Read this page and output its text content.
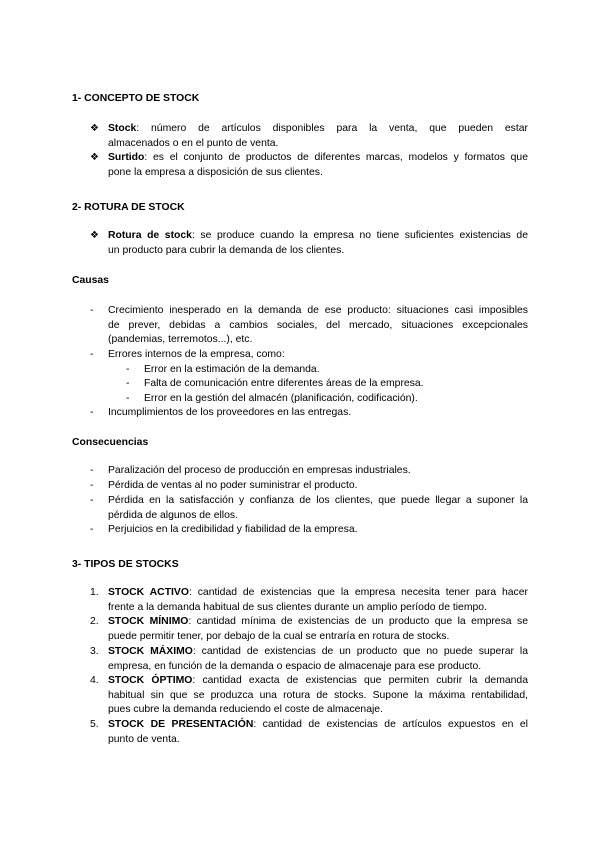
1- CONCEPTO DE STOCK
❖ Stock: número de artículos disponibles para la venta, que pueden estar
almacenados o en el punto de venta.
❖ Surtido: es el conjunto de productos de diferentes marcas, modelos y formatos que
pone la empresa a disposición de sus clientes.
2- ROTURA DE STOCK
❖ Rotura de stock: se produce cuando la empresa no tiene suficientes existencias de
un producto para cubrir la demanda de los clientes.
Causas
- Crecimiento inesperado en la demanda de ese producto: situaciones casi imposibles
de prever, debidas a cambios sociales, del mercado, situaciones excepcionales
(pandemias, terremotos...), etc.
- Errores internos de la empresa, como:
- Error en la estimación de la demanda.
- Falta de comunicación entre diferentes áreas de la empresa.
- Error en la gestión del almacén (planificación, codificación).
- Incumplimientos de los proveedores en las entregas.
Consecuencias
- Paralización del proceso de producción en empresas industriales.
- Pérdida de ventas al no poder suministrar el producto.
- Pérdida en la satisfacción y confianza de los clientes, que puede llegar a suponer la
pérdida de algunos de ellos.
- Perjuicios en la credibilidad y fiabilidad de la empresa.
3- TIPOS DE STOCKS
1. STOCK ACTIVO: cantidad de existencias que la empresa necesita tener para hacer
frente a la demanda habitual de sus clientes durante un amplio período de tiempo.
2. STOCK MÍNIMO: cantidad mínima de existencias de un producto que la empresa se
puede permitir tener, por debajo de la cual se entraría en rotura de stocks.
3. STOCK MÁXIMO: cantidad de existencias de un producto que no puede superar la
empresa, en función de la demanda o espacio de almacenaje para ese producto.
4. STOCK ÓPTIMO: cantidad exacta de existencias que permiten cubrir la demanda
habitual sin que se produzca una rotura de stocks. Supone la máxima rentabilidad,
pues cubre la demanda reduciendo el coste de almacenaje.
5. STOCK DE PRESENTACIÓN: cantidad de existencias de artículos expuestos en el
punto de venta.
